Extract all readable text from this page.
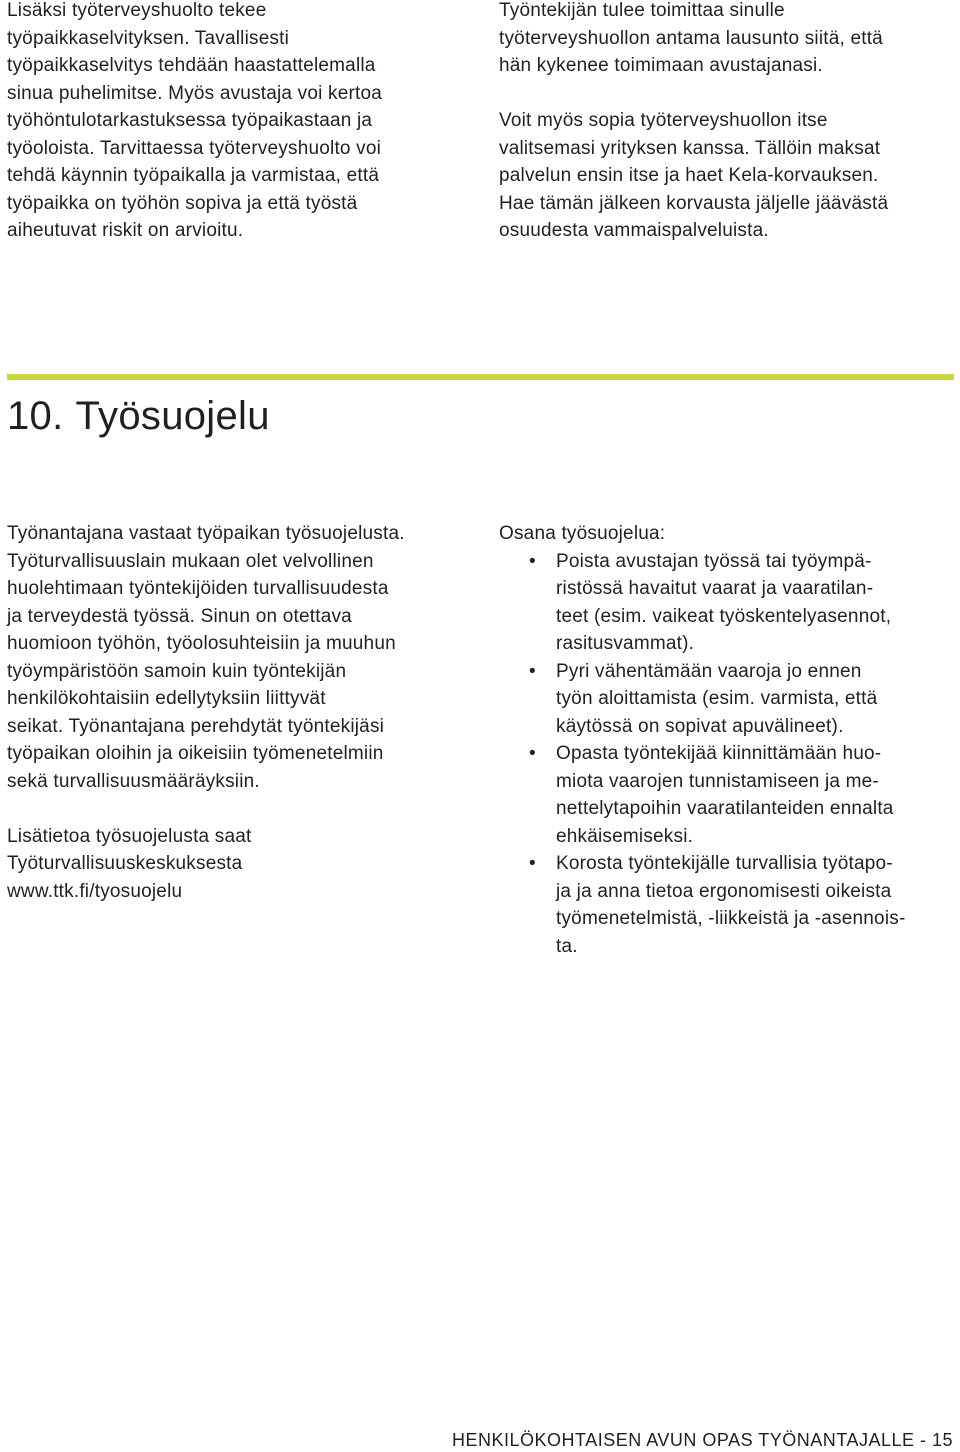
Lisäksi työterveyshuolto tekee
työpaikkaselvityksen. Tavallisesti
työpaikkaselvitys tehdään haastattelemalla
sinua puhelimitse. Myös avustaja voi kertoa
työhöntulotarkastuksessa työpaikastaan ja
työoloista. Tarvittaessa työterveyshuolto voi
tehdä käynnin työpaikalla ja varmistaa, että
työpaikka on työhön sopiva ja että työstä
aiheutuvat riskit on arvioitu.

Työntekijän tulee toimittaa sinulle
työterveyshuollon antama lausunto siitä, että
hän kykenee toimimaan avustajanasi.

Voit myös sopia työterveyshuollon itse
valitsemasi yrityksen kanssa. Tällöin maksat
palvelun ensin itse ja haet Kela-korvauksen.
Hae tämän jälkeen korvausta jäljelle jäävästä
osuudesta vammaispalveluista.

10. Työsuojelu

Työnantajana vastaat työpaikan työsuojelusta.
Työturvallisuuslain mukaan olet velvollinen
huolehtimaan työntekijöiden turvallisuudesta
ja terveydestä työssä. Sinun on otettava
huomioon työhön, työolosuhteisiin ja muuhun
työympäristöön samoin kuin työntekijän
henkilökohtaisiin edellytyksiin liittyvät
seikat. Työnantajana perehdytät työntekijäsi
työpaikan oloihin ja oikeisiin työmenetelmiin
sekä turvallisuusmääräyksiin.

Lisätietoa työsuojelusta saat
Työturvallisuuskeskuksesta
www.ttk.fi/tyosuojelu

Osana työsuojelua:

• Poista avustajan työssä tai työympä-
ristössä havaitut vaarat ja vaaratilan-
teet (esim. vaikeat työskentelyasennot,
rasitusvammat).
• Pyri vähentämään vaaroja jo ennen
työn aloittamista (esim. varmista, että
käytössä on sopivat apuvälineet).
• Opasta työntekijää kiinnittämään huo-
miota vaarojen tunnistamiseen ja me-
nettelytapoihin vaaratilanteiden ennalta
ehkäisemiseksi.
• Korosta työntekijälle turvallisia työtapo-
ja ja anna tietoa ergonomisesti oikeista
työmenetelmistä, -liikkeistä ja -asennois-
ta.
HENKILÖKOHTAISEN AVUN OPAS TYÖNANTAJALLE - 15
